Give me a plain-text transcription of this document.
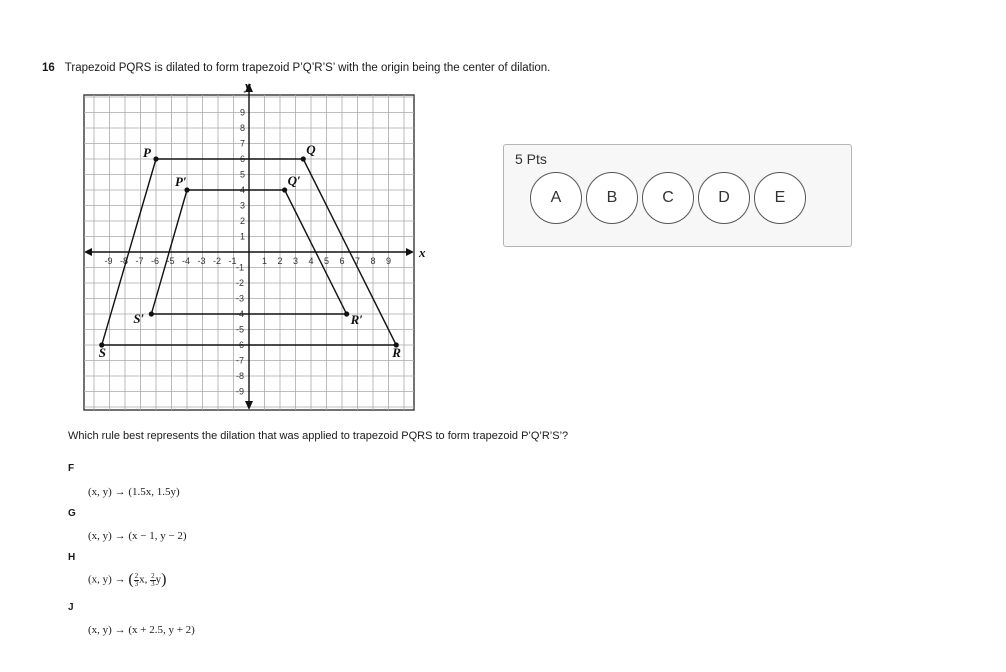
16 Trapezoid PQRS is dilated to form trapezoid P’Q’R’S’ with the origin being the center of dilation.
x
y
-9 -8 -7 -6 -5 -4 -3 -2 -1	1 2 3 4 5 6 7 8 9
9
8
7
6
5
4
3
2
1
-1
-2
-3
-4
-5
-6
-7
-8
-9
P	Q
R
S
P′	Q′
R′
S′
Which rule best represents the dilation that was applied to trapezoid PQRS to form trapezoid P’Q’R’S’?
F
(x, y) → (1.5x, 1.5y)
G
(x, y) → (x − 1, y − 2)
H
(x, y) → ( $\frac{2}{3} x$, $\frac{2}{3} y$)
J
(x, y) → (x + 2.5, y + 2)
5 Pts
A	B	C	D	E
